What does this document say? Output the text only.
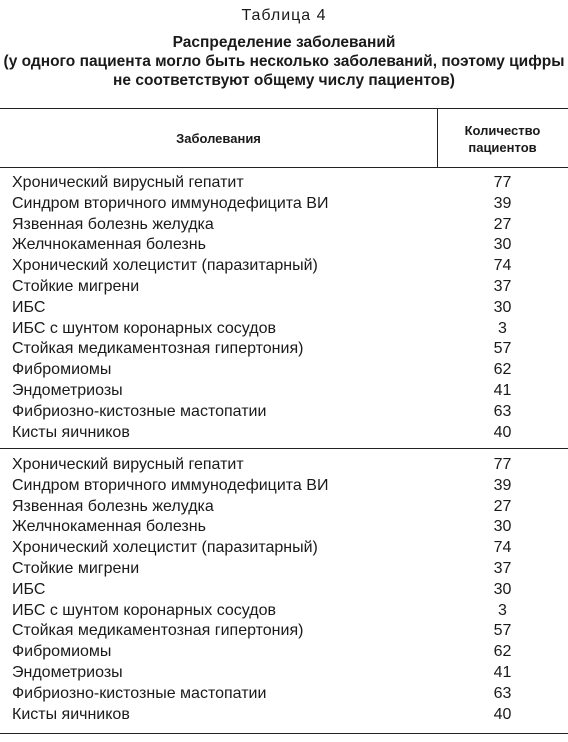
Таблица 4
Распределение заболеваний
(у одного пациента могло быть несколько заболеваний, поэтому цифры
не соответствуют общему числу пациентов)
Заболевания
Количество
пациентов
Хронический вирусный гепатит	77
Синдром вторичного иммунодефицита ВИ	39
Язвенная болезнь желудка	27
Желчнокаменная болезнь	30
Хронический холецистит (паразитарный)	74
Стойкие мигрени	37
ИБС	30
ИБС с шунтом коронарных сосудов	3
Стойкая медикаментозная гипертония)	57
Фибромиомы	62
Эндометриозы	41
Фибриозно-кистозные мастопатии	63
Кисты яичников	40
Хронический вирусный гепатит	77
Синдром вторичного иммунодефицита ВИ	39
Язвенная болезнь желудка	27
Желчнокаменная болезнь	30
Хронический холецистит (паразитарный)	74
Стойкие мигрени	37
ИБС	30
ИБС с шунтом коронарных сосудов	3
Стойкая медикаментозная гипертония)	57
Фибромиомы	62
Эндометриозы	41
Фибриозно-кистозные мастопатии	63
Кисты яичников	40
